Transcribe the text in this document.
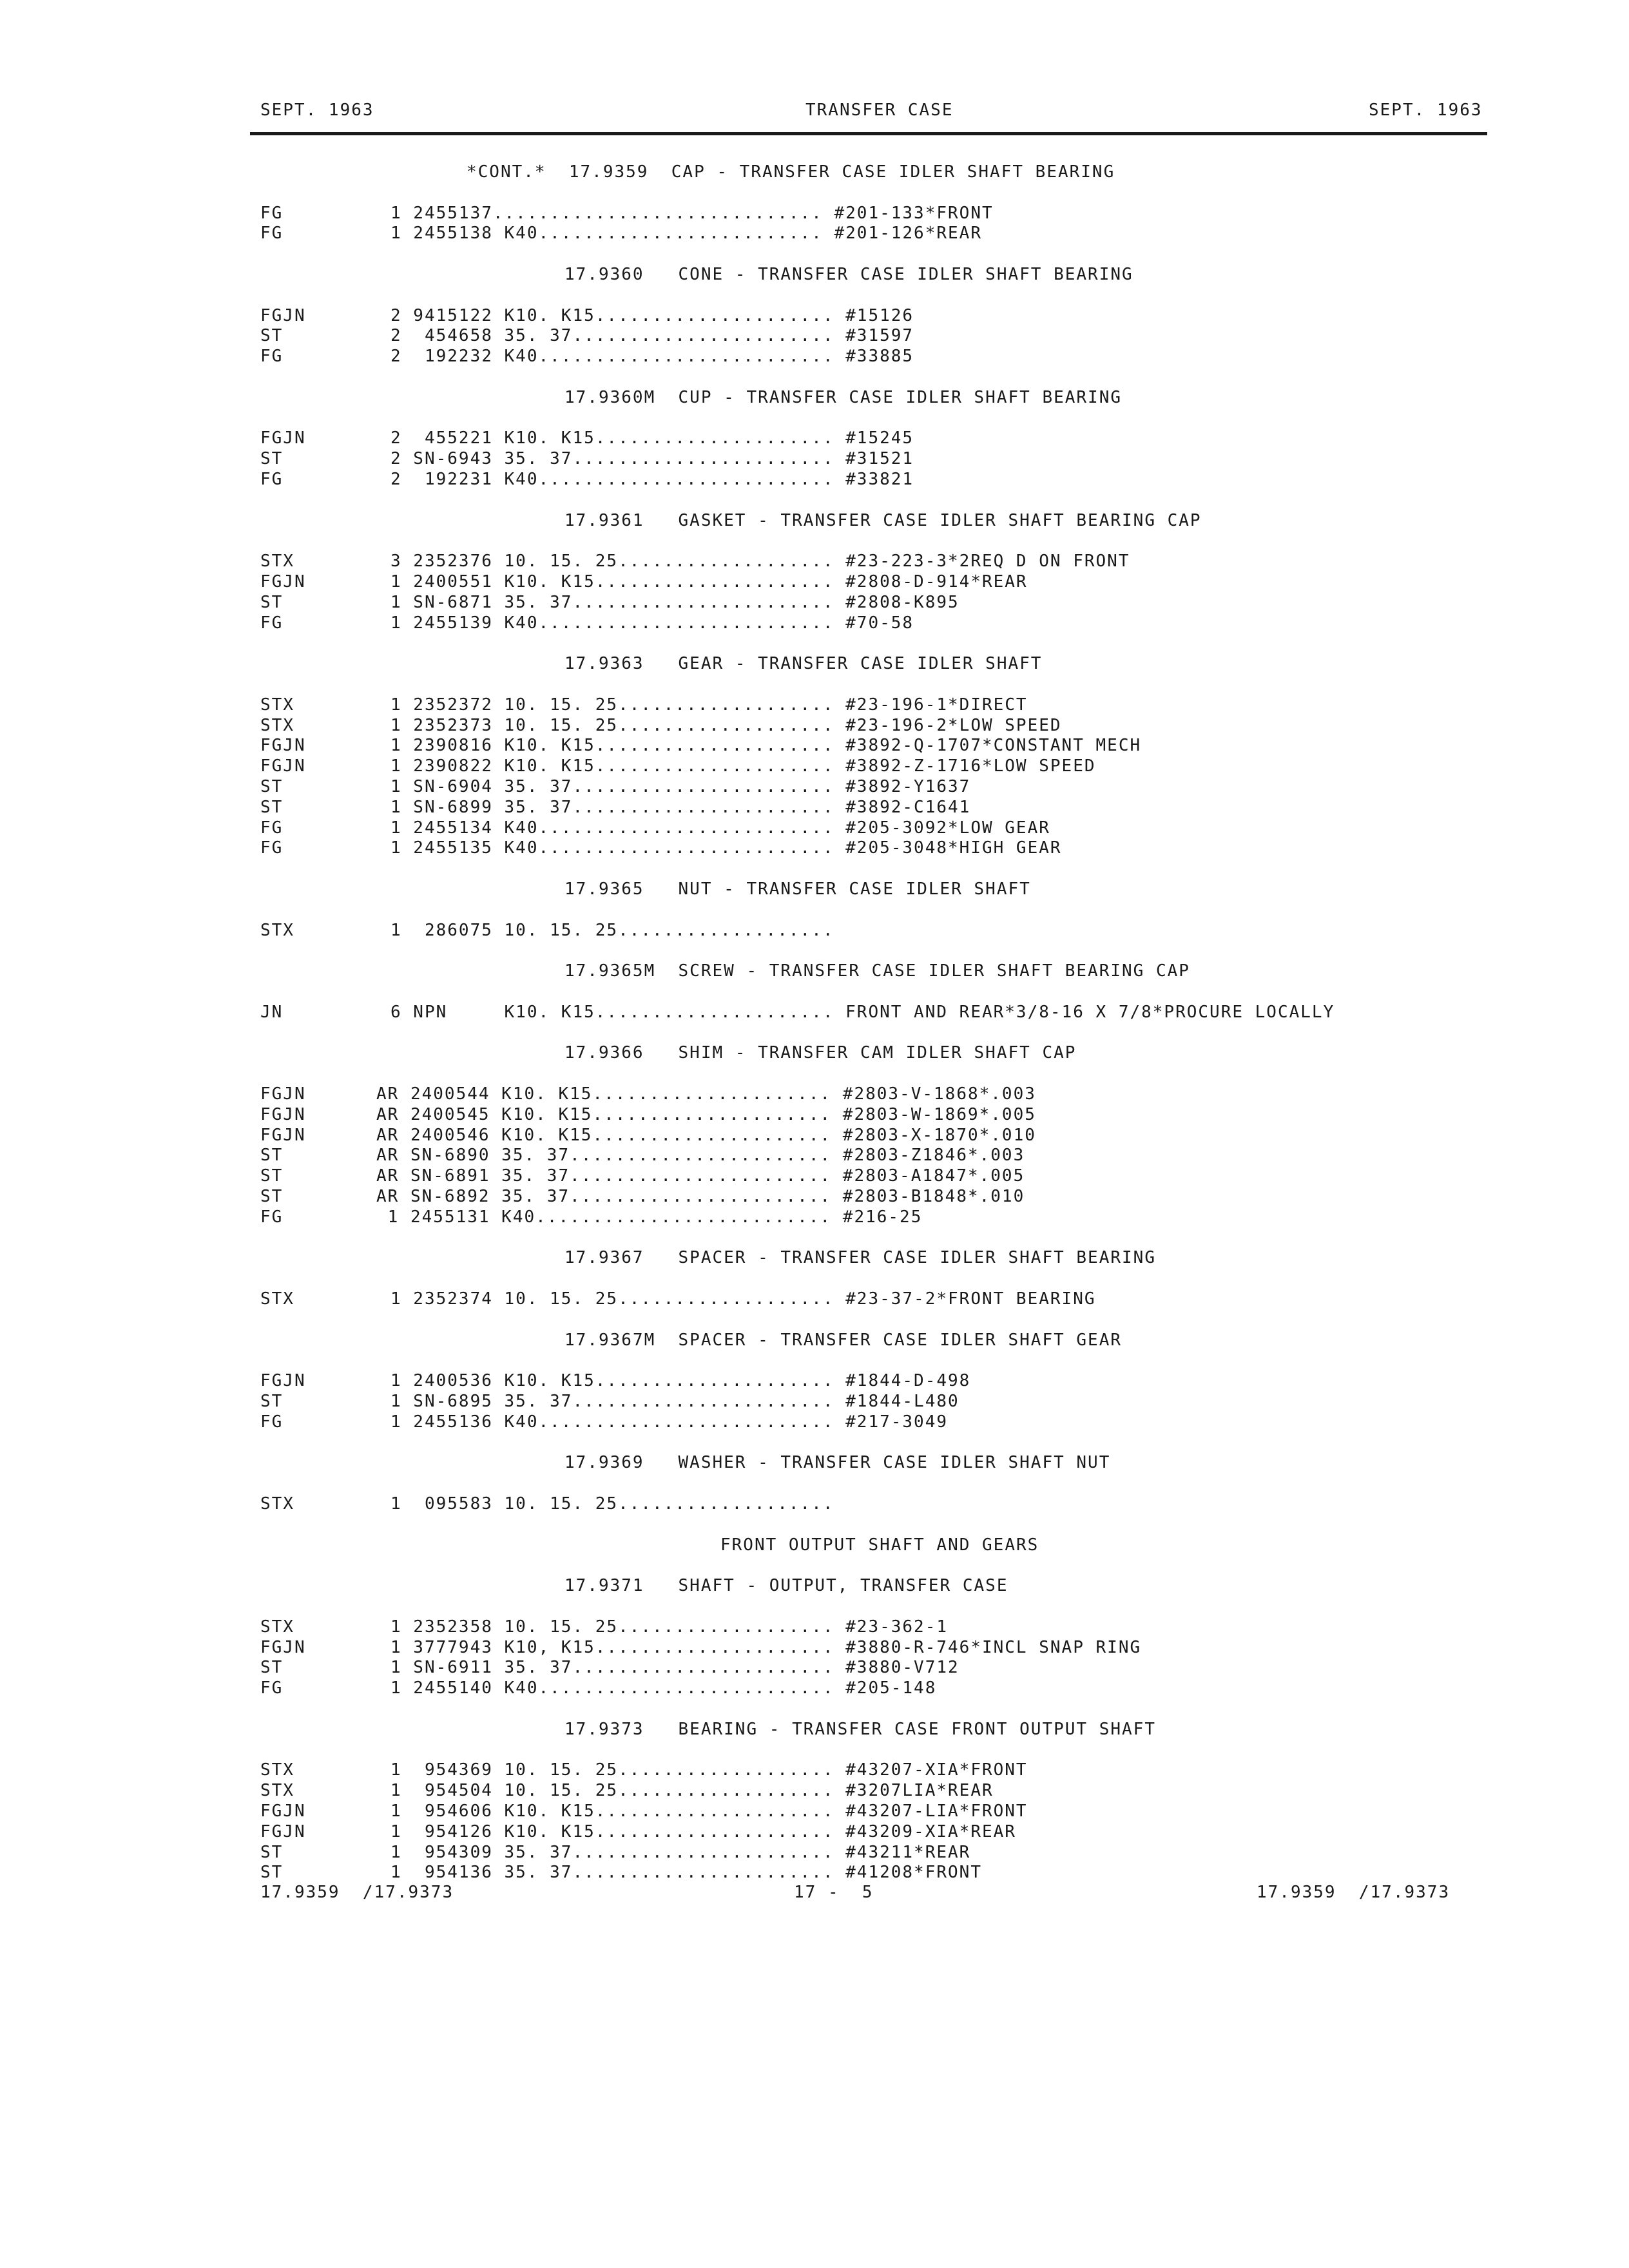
SEPT. 1963	TRANSFER CASE	SEPT. 1963
*CONT.*  17.9359  CAP - TRANSFER CASE IDLER SHAFT BEARING
FG	1 2455137............................. #201-133*FRONT
FG	1 2455138 K40......................... #201-126*REAR
17.9360   CONE - TRANSFER CASE IDLER SHAFT BEARING
FGJN	2 9415122 K10. K15..................... #15126
ST	2  454658 35. 37....................... #31597
FG	2  192232 K40.......................... #33885
17.9360M  CUP - TRANSFER CASE IDLER SHAFT BEARING
FGJN	2  455221 K10. K15..................... #15245
ST	2 SN-6943 35. 37....................... #31521
FG	2  192231 K40.......................... #33821
17.9361   GASKET - TRANSFER CASE IDLER SHAFT BEARING CAP
STX	3 2352376 10. 15. 25................... #23-223-3*2REQ D ON FRONT
FGJN	1 2400551 K10. K15..................... #2808-D-914*REAR
ST	1 SN-6871 35. 37....................... #2808-K895
FG	1 2455139 K40.......................... #70-58
17.9363   GEAR - TRANSFER CASE IDLER SHAFT
STX	1 2352372 10. 15. 25................... #23-196-1*DIRECT
STX	1 2352373 10. 15. 25................... #23-196-2*LOW SPEED
FGJN	1 2390816 K10. K15..................... #3892-Q-1707*CONSTANT MECH
FGJN	1 2390822 K10. K15..................... #3892-Z-1716*LOW SPEED
ST	1 SN-6904 35. 37....................... #3892-Y1637
ST	1 SN-6899 35. 37....................... #3892-C1641
FG	1 2455134 K40.......................... #205-3092*LOW GEAR
FG	1 2455135 K40.......................... #205-3048*HIGH GEAR
17.9365   NUT - TRANSFER CASE IDLER SHAFT
STX	1  286075 10. 15. 25...................
17.9365M  SCREW - TRANSFER CASE IDLER SHAFT BEARING CAP
JN	6 NPN     K10. K15..................... FRONT AND REAR*3/8-16 X 7/8*PROCURE LOCALLY
17.9366   SHIM - TRANSFER CAM IDLER SHAFT CAP
FGJN	AR 2400544 K10. K15..................... #2803-V-1868*.003
FGJN	AR 2400545 K10. K15..................... #2803-W-1869*.005
FGJN	AR 2400546 K10. K15..................... #2803-X-1870*.010
ST	AR SN-6890 35. 37....................... #2803-Z1846*.003
ST	AR SN-6891 35. 37....................... #2803-A1847*.005
ST	AR SN-6892 35. 37....................... #2803-B1848*.010
FG	1 2455131 K40.......................... #216-25
17.9367   SPACER - TRANSFER CASE IDLER SHAFT BEARING
STX	1 2352374 10. 15. 25................... #23-37-2*FRONT BEARING
17.9367M  SPACER - TRANSFER CASE IDLER SHAFT GEAR
FGJN	1 2400536 K10. K15..................... #1844-D-498
ST	1 SN-6895 35. 37....................... #1844-L480
FG	1 2455136 K40.......................... #217-3049
17.9369   WASHER - TRANSFER CASE IDLER SHAFT NUT
STX	1  095583 10. 15. 25...................
FRONT OUTPUT SHAFT AND GEARS
17.9371   SHAFT - OUTPUT, TRANSFER CASE
STX	1 2352358 10. 15. 25................... #23-362-1
FGJN	1 3777943 K10, K15..................... #3880-R-746*INCL SNAP RING
ST	1 SN-6911 35. 37....................... #3880-V712
FG	1 2455140 K40.......................... #205-148
17.9373   BEARING - TRANSFER CASE FRONT OUTPUT SHAFT
STX	1  954369 10. 15. 25................... #43207-XIA*FRONT
STX	1  954504 10. 15. 25................... #3207LIA*REAR
FGJN	1  954606 K10. K15..................... #43207-LIA*FRONT
FGJN	1  954126 K10. K15..................... #43209-XIA*REAR
ST	1  954309 35. 37....................... #43211*REAR
ST	1  954136 35. 37....................... #41208*FRONT
17.9359  /17.9373	17 -  5	17.9359  /17.9373
